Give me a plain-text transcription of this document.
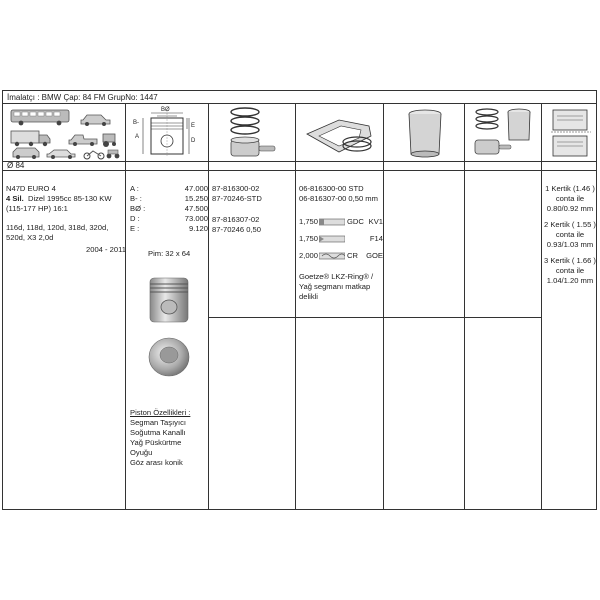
İmalatçı : BMW Çap: 84 FM GrupNo: 1447
B-
BØ
A
E
D
Ø 84
N47D EURO 4
4 Sil. Dizel 1995cc 85-130 KW
(115-177 HP) 16:1
116d, 118d, 120d, 318d, 320d,
520d, X3 2,0d
2004 - 2011
A :	47.000
B- :	15.250
BØ :	47.500
D :	73.000
E :	9.120
Pim: 32 x 64
Piston Özellikleri :
Segman Taşıyıcı
Soğutma Kanallı
Yağ Püskürtme
Oyuğu
Göz arası konik
87-816300-02
87-70246-STD
87-816307-02
87-70246 0,50
06-816300-00 STD
06-816307-00 0,50 mm
1,750	GDC KV1
1,750	F14
2,000	CR GOE
Goetze® LKZ-Ring® /
Yağ segmanı matkap
delikli
1 Kertik (1.46 )
conta ile
0.80/0.92 mm
2 Kertik ( 1.55 )
conta ile
0.93/1.03 mm
3 Kertik ( 1.66 )
conta ile
1.04/1.20 mm
